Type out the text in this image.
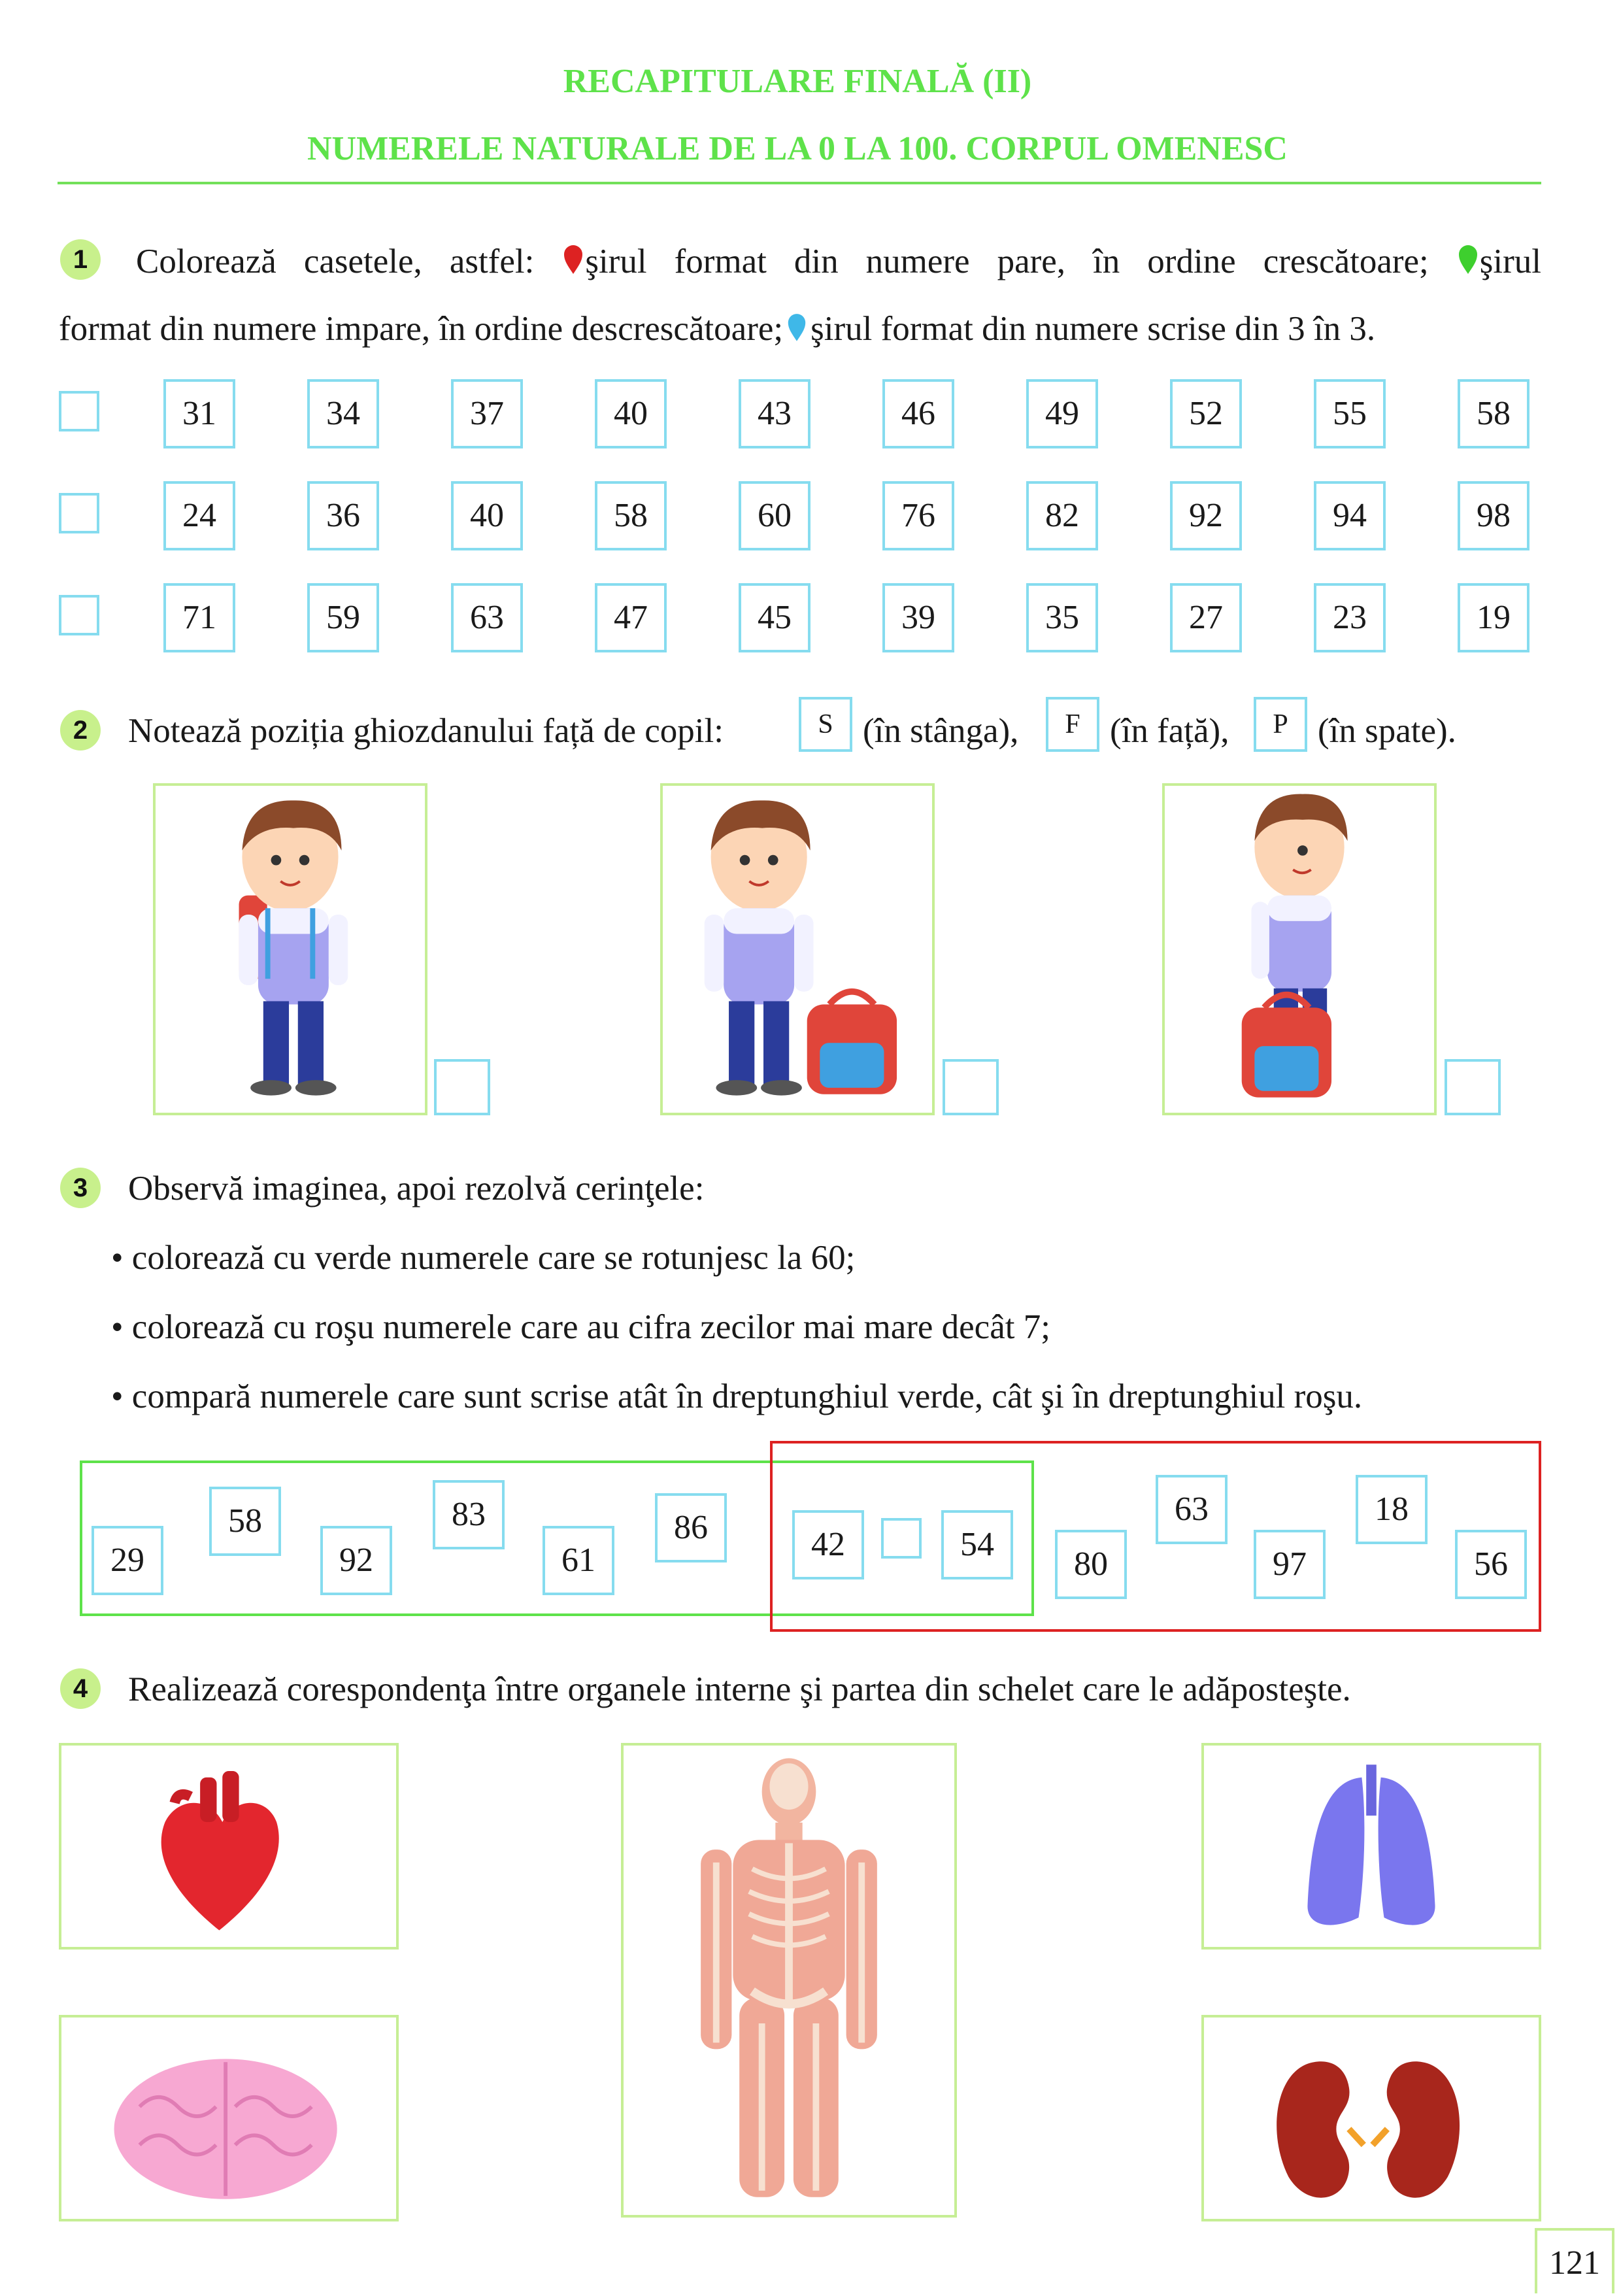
RECAPITULARE FINALĂ (II)
NUMERELE NATURALE DE LA 0 LA 100. CORPUL OMENESC
1	Colorează casetele, astfel: şirul format din numere pare, în ordine crescătoare; şirul
format din numere impare, în ordine descrescătoare; şirul format din numere scrise din 3 în 3.
31	34	37	40	43	46	49	52	55	58
24	36	40	58	60	76	82	92	94	98
71	59	63	47	45	39	35	27	23	19
2	Notează poziția ghiozdanului față de copil:	S (în stânga),	F (în față),	P (în spate).
3	Observă imaginea, apoi rezolvă cerinţele:
• colorează cu verde numerele care se rotunjesc la 60;
• colorează cu roşu numerele care au cifra zecilor mai mare decât 7;
• compară numerele care sunt scrise atât în dreptunghiul verde, cât şi în dreptunghiul roşu.
29
58
92
83
61
86	42	54
80
63
97
18
56
4	Realizează corespondenţa între organele interne şi partea din schelet care le adăposteşte.
121
